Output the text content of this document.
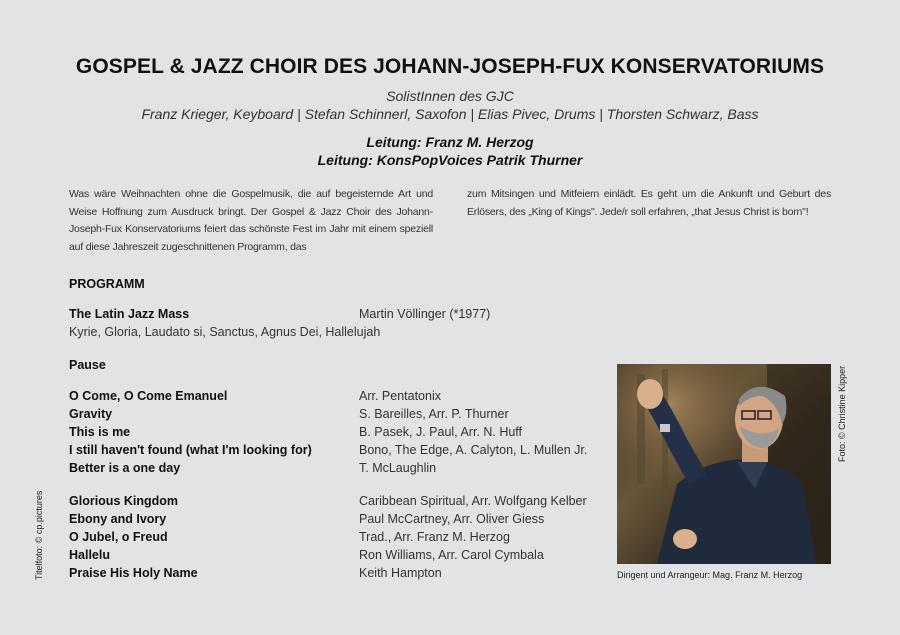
GOSPEL & JAZZ CHOIR DES JOHANN-JOSEPH-FUX KONSERVATORIUMS
SolistInnen des GJC
Franz Krieger, Keyboard | Stefan Schinnerl, Saxofon | Elias Pivec, Drums | Thorsten Schwarz, Bass
Leitung: Franz M. Herzog
Leitung: KonsPopVoices Patrik Thurner
Was wäre Weihnachten ohne die Gospelmusik, die auf begeisternde Art und Weise Hoffnung zum Ausdruck bringt. Der Gospel & Jazz Choir des Johann-Joseph-Fux Konservatoriums feiert das schönste Fest im Jahr mit einem speziell auf diese Jahreszeit zugeschnittenen Programm, das
zum Mitsingen und Mitfeiern einlädt. Es geht um die Ankunft und Geburt des Erlösers, des „King of Kings". Jede/r soll erfahren, „that Jesus Christ is born"!
PROGRAMM
The Latin Jazz Mass	Martin Völlinger (*1977)
Kyrie, Gloria, Laudato si, Sanctus, Agnus Dei, Hallelujah
Pause
O Come, O Come Emanuel	Arr. Pentatonix
Gravity	S. Bareilles, Arr. P. Thurner
This is me	B. Pasek, J. Paul, Arr. N. Huff
I still haven't found (what I'm looking for)	Bono, The Edge, A. Calyton, L. Mullen Jr.
Better is a one day	T. McLaughlin
Glorious Kingdom	Caribbean Spiritual, Arr. Wolfgang Kelber
Ebony and Ivory	Paul McCartney, Arr. Oliver Giess
O Jubel, o Freud	Trad., Arr. Franz M. Herzog
Hallelu	Ron Williams, Arr. Carol Cymbala
Praise His Holy Name	Keith Hampton	Dirigent und Arrangeur: Mag. Franz M. Herzog
Foto: © Christine Kipper
Titelfoto: © cp.pictures
